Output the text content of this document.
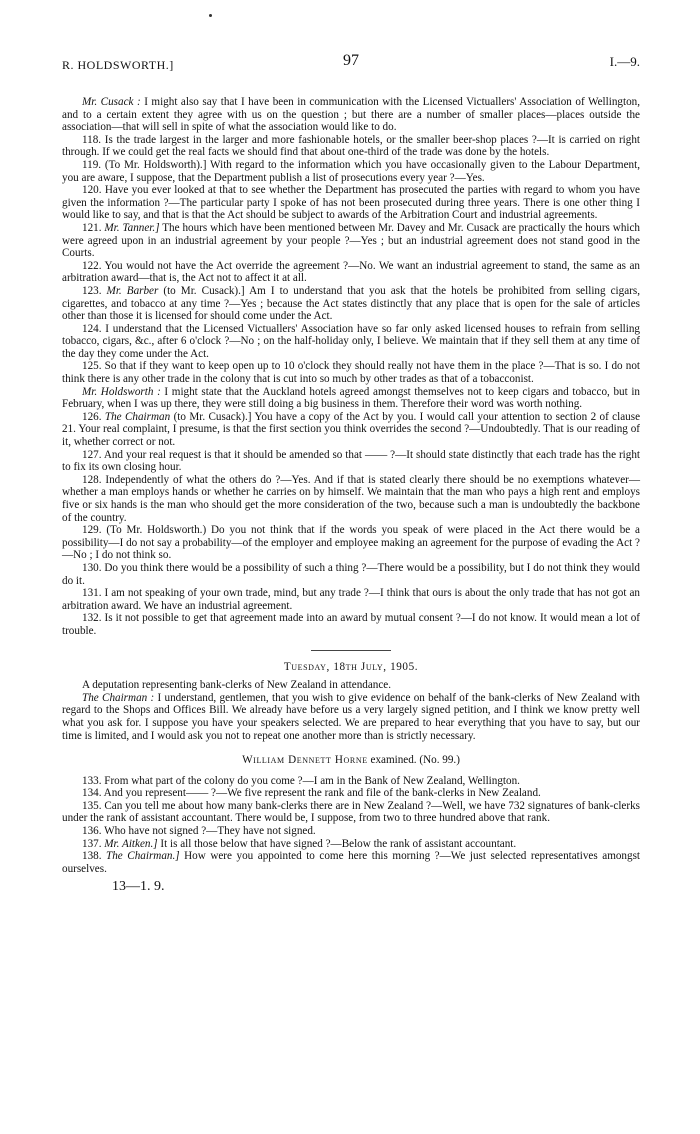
R. HOLDSWORTH.]	97	I.—9.

Mr. Cusack : I might also say that I have been in communication with the Licensed Victuallers' Association of Wellington, and to a certain extent they agree with us on the question ; but there are a number of smaller places—places outside the association—that will sell in spite of what the association would like to do.

118. Is the trade largest in the larger and more fashionable hotels, or the smaller beer-shop places ?—It is carried on right through. If we could get the real facts we should find that about one-third of the trade was done by the hotels.

119. (To Mr. Holdsworth).] With regard to the information which you have occasionally given to the Labour Department, you are aware, I suppose, that the Department publish a list of prosecutions every year ?—Yes.

120. Have you ever looked at that to see whether the Department has prosecuted the parties with regard to whom you have given the information ?—The particular party I spoke of has not been prosecuted during three years. There is one other thing I would like to say, and that is that the Act should be subject to awards of the Arbitration Court and industrial agreements.

121. Mr. Tanner.] The hours which have been mentioned between Mr. Davey and Mr. Cusack are practically the hours which were agreed upon in an industrial agreement by your people ?—Yes ; but an industrial agreement does not stand good in the Courts.

122. You would not have the Act override the agreement ?—No. We want an industrial agreement to stand, the same as an arbitration award—that is, the Act not to affect it at all.

123. Mr. Barber (to Mr. Cusack).] Am I to understand that you ask that the hotels be prohibited from selling cigars, cigarettes, and tobacco at any time ?—Yes ; because the Act states distinctly that any place that is open for the sale of articles other than those it is licensed for should come under the Act.

124. I understand that the Licensed Victuallers' Association have so far only asked licensed houses to refrain from selling tobacco, cigars, &c., after 6 o'clock ?—No ; on the half-holiday only, I believe. We maintain that if they sell them at any time of the day they come under the Act.

125. So that if they want to keep open up to 10 o'clock they should really not have them in the place ?—That is so. I do not think there is any other trade in the colony that is cut into so much by other trades as that of a tobacconist.

Mr. Holdsworth : I might state that the Auckland hotels agreed amongst themselves not to keep cigars and tobacco, but in February, when I was up there, they were still doing a big business in them. Therefore their word was worth nothing.

126. The Chairman (to Mr. Cusack).] You have a copy of the Act by you. I would call your attention to section 2 of clause 21. Your real complaint, I presume, is that the first section you think overrides the second ?—Undoubtedly. That is our reading of it, whether correct or not.

127. And your real request is that it should be amended so that —— ?—It should state distinctly that each trade has the right to fix its own closing hour.

128. Independently of what the others do ?—Yes. And if that is stated clearly there should be no exemptions whatever—whether a man employs hands or whether he carries on by himself. We maintain that the man who pays a high rent and employs five or six hands is the man who should get the more consideration of the two, because such a man is undoubtedly the backbone of the country.

129. (To Mr. Holdsworth.) Do you not think that if the words you speak of were placed in the Act there would be a possibility—I do not say a probability—of the employer and employee making an agreement for the purpose of evading the Act ?—No ; I do not think so.

130. Do you think there would be a possibility of such a thing ?—There would be a possibility, but I do not think they would do it.

131. I am not speaking of your own trade, mind, but any trade ?—I think that ours is about the only trade that has not got an arbitration award. We have an industrial agreement.

132. Is it not possible to get that agreement made into an award by mutual consent ?—I do not know. It would mean a lot of trouble.

Tuesday, 18th July, 1905.

A deputation representing bank-clerks of New Zealand in attendance.

The Chairman : I understand, gentlemen, that you wish to give evidence on behalf of the bank-clerks of New Zealand with regard to the Shops and Offices Bill. We already have before us a very largely signed petition, and I think we know pretty well what you ask for. I suppose you have your speakers selected. We are prepared to hear everything that you have to say, but our time is limited, and I would ask you not to repeat one another more than is strictly necessary.

William Dennett Horne examined. (No. 99.)

133. From what part of the colony do you come ?—I am in the Bank of New Zealand, Wellington.

134. And you represent—— ?—We five represent the rank and file of the bank-clerks in New Zealand.

135. Can you tell me about how many bank-clerks there are in New Zealand ?—Well, we have 732 signatures of bank-clerks under the rank of assistant accountant. There would be, I suppose, from two to three hundred above that rank.

136. Who have not signed ?—They have not signed.

137. Mr. Aitken.] It is all those below that have signed ?—Below the rank of assistant accountant.

138. The Chairman.] How were you appointed to come here this morning ?—We just selected representatives amongst ourselves.

13—1. 9.
